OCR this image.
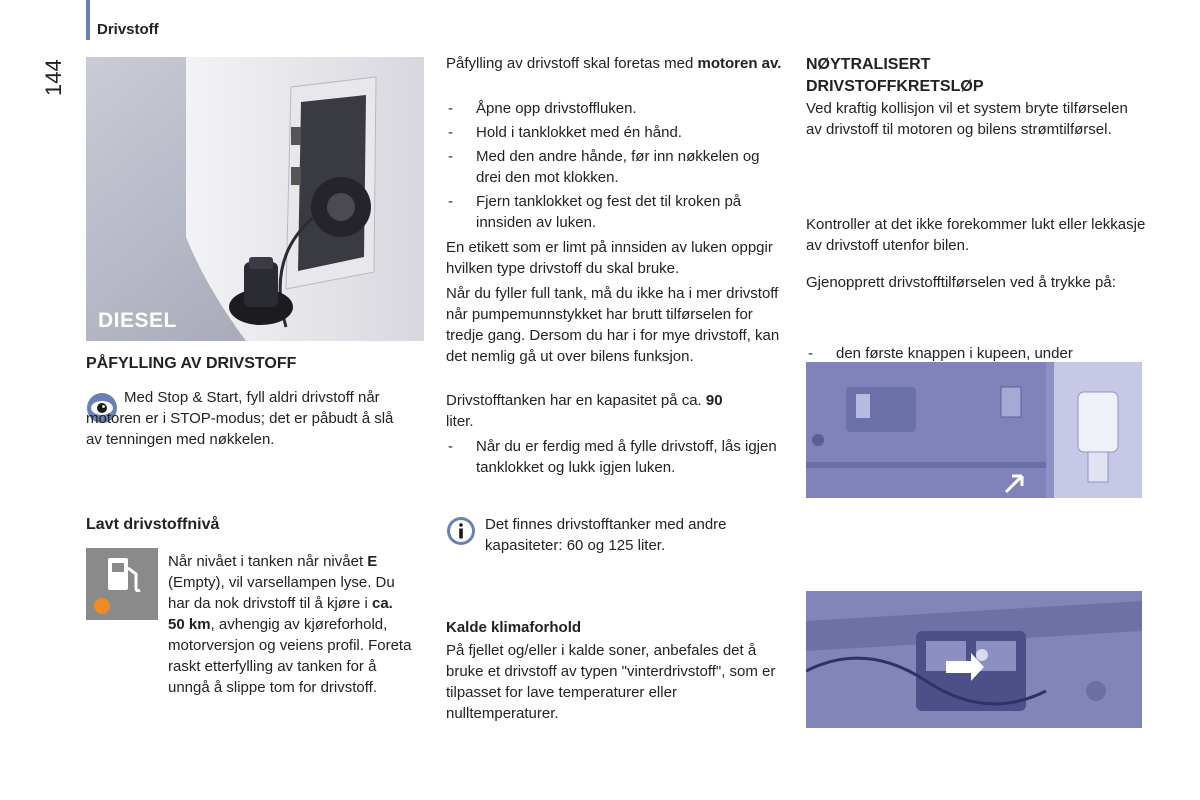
Drivstoff
144
DIESEL
PÅFYLLING AV DRIVSTOFF

Med Stop & Start, fyll aldri drivstoff når motoren er i STOP-modus; det er påbudt å slå av tenningen med nøkkelen.

Lavt drivstoffnivå

Når nivået i tanken når nivået E (Empty), vil varsellampen lyse. Du har da nok drivstoff til å kjøre i ca. 50 km, avhengig av kjøreforhold, motorversjon og veiens profil. Foreta raskt etterfylling av tanken for å unngå å slippe tom for drivstoff.

Påfylling av drivstoff skal foretas med motoren av.

- Åpne opp drivstoffluken.

- Hold i tanklokket med én hånd.

- Med den andre hånde, før inn nøkkelen og drei den mot klokken.

- Fjern tanklokket og fest det til kroken på innsiden av luken.

En etikett som er limt på innsiden av luken oppgir hvilken type drivstoff du skal bruke.

Når du fyller full tank, må du ikke ha i mer drivstoff når pumpemunnstykket har brutt tilførselen for tredje gang. Dersom du har i for mye drivstoff, kan det nemlig gå ut over bilens funksjon.

Drivstofftanken har en kapasitet på ca. 90 liter.

- Når du er ferdig med å fylle drivstoff, lås igjen tanklokket og lukk igjen luken.

Det finnes drivstofftanker med andre kapasiteter: 60 og 125 liter.

Kalde klimaforhold

På fjellet og/eller i kalde soner, anbefales det å bruke et drivstoff av typen "vinterdrivstoff", som er tilpasset for lave temperaturer eller nulltemperaturer.

NØYTRALISERT
DRIVSTOFFKRETSLØP

Ved kraftig kollisjon vil et system bryte tilførselen av drivstoff til motoren og bilens strømtilførsel.

Kontroller at det ikke forekommer lukt eller lekkasje av drivstoff utenfor bilen.

Gjenopprett drivstofftilførselen ved å trykke på:

- den første knappen i kupeen, under

-
